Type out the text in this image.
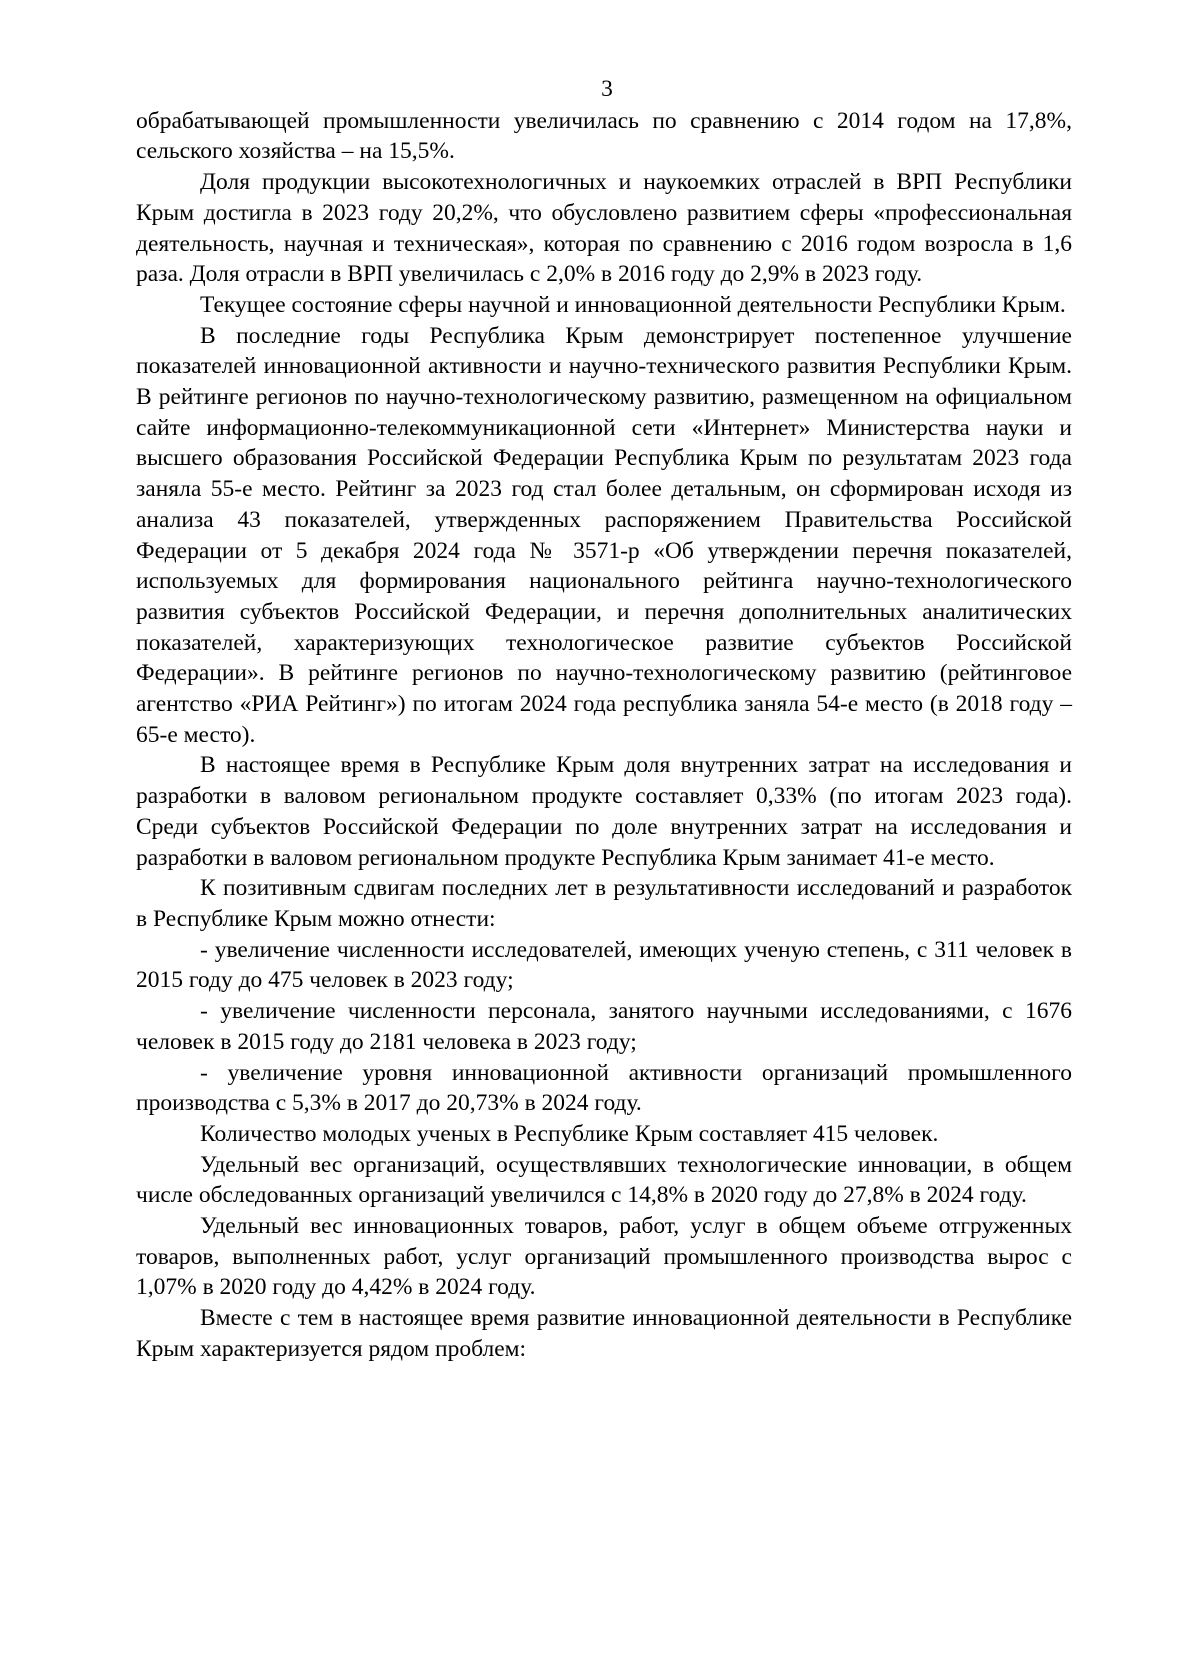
3

обрабатывающей промышленности увеличилась по сравнению с 2014 годом на 17,8%, сельского хозяйства – на 15,5%.

Доля продукции высокотехнологичных и наукоемких отраслей в ВРП Республики Крым достигла в 2023 году 20,2%, что обусловлено развитием сферы «профессиональная деятельность, научная и техническая», которая по сравнению с 2016 годом возросла в 1,6 раза. Доля отрасли в ВРП увеличилась с 2,0% в 2016 году до 2,9% в 2023 году.

Текущее состояние сферы научной и инновационной деятельности Республики Крым.

В последние годы Республика Крым демонстрирует постепенное улучшение показателей инновационной активности и научно-технического развития Республики Крым. В рейтинге регионов по научно-технологическому развитию, размещенном на официальном сайте информационно-телекоммуникационной сети «Интернет» Министерства науки и высшего образования Российской Федерации Республика Крым по результатам 2023 года заняла 55-е место. Рейтинг за 2023 год стал более детальным, он сформирован исходя из анализа 43 показателей, утвержденных распоряжением Правительства Российской Федерации от 5 декабря 2024 года № 3571-р «Об утверждении перечня показателей, используемых для формирования национального рейтинга научно-технологического развития субъектов Российской Федерации, и перечня дополнительных аналитических показателей, характеризующих технологическое развитие субъектов Российской Федерации». В рейтинге регионов по научно-технологическому развитию (рейтинговое агентство «РИА Рейтинг») по итогам 2024 года республика заняла 54-е место (в 2018 году – 65-е место).

В настоящее время в Республике Крым доля внутренних затрат на исследования и разработки в валовом региональном продукте составляет 0,33% (по итогам 2023 года). Среди субъектов Российской Федерации по доле внутренних затрат на исследования и разработки в валовом региональном продукте Республика Крым занимает 41-е место.

К позитивным сдвигам последних лет в результативности исследований и разработок в Республике Крым можно отнести:

- увеличение численности исследователей, имеющих ученую степень, с 311 человек в 2015 году до 475 человек в 2023 году;

- увеличение численности персонала, занятого научными исследованиями, с 1676 человек в 2015 году до 2181 человека в 2023 году;

- увеличение уровня инновационной активности организаций промышленного производства с 5,3% в 2017 до 20,73% в 2024 году.

Количество молодых ученых в Республике Крым составляет 415 человек.

Удельный вес организаций, осуществлявших технологические инновации, в общем числе обследованных организаций увеличился с 14,8% в 2020 году до 27,8% в 2024 году.

Удельный вес инновационных товаров, работ, услуг в общем объеме отгруженных товаров, выполненных работ, услуг организаций промышленного производства вырос с 1,07% в 2020 году до 4,42% в 2024 году.

Вместе с тем в настоящее время развитие инновационной деятельности в Республике Крым характеризуется рядом проблем:
